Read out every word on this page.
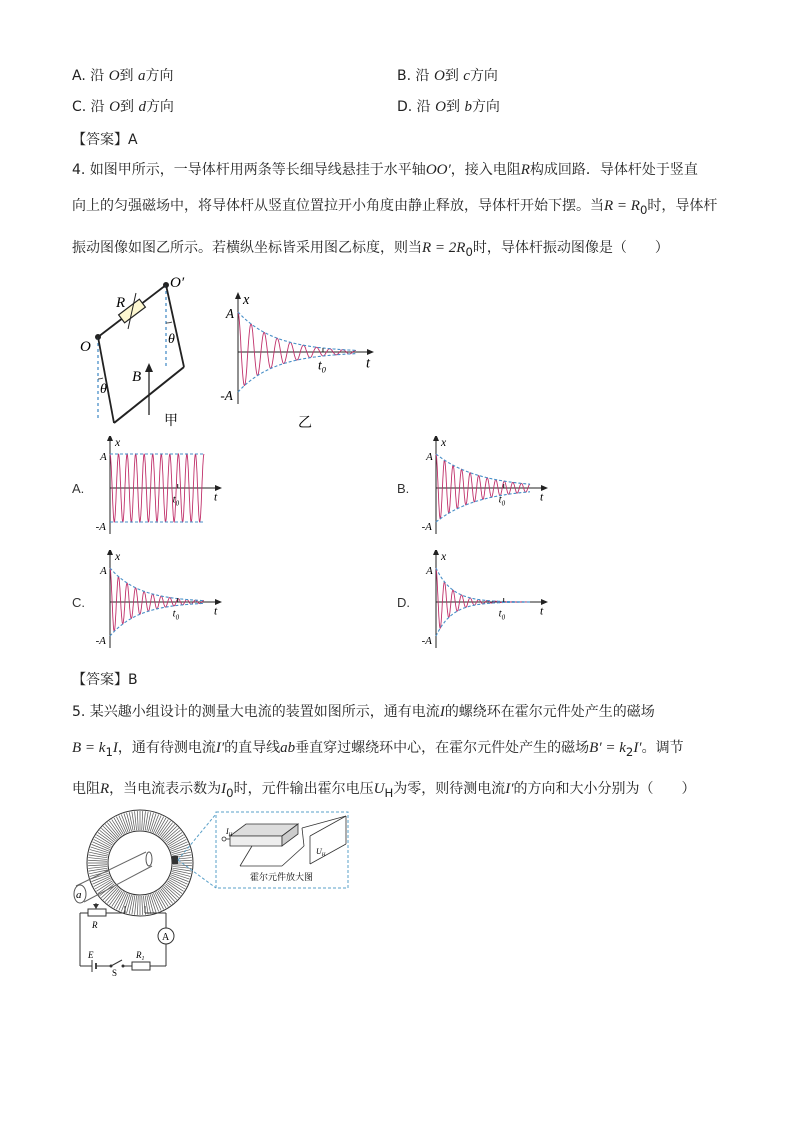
A. 沿 O到 a方向	B. 沿 O到 c方向
C. 沿 O到 d方向	D. 沿 O到 b方向
【答案】A
4. 如图甲所示，一导体杆用两条等长细导线悬挂于水平轴OO′，接入电阻R构成回路．导体杆处于竖直
向上的匀强磁场中，将导体杆从竖直位置拉开小角度由静止释放，导体杆开始下摆。当$R = R_0$时，导体杆
振动图像如图乙所示。若横纵坐标皆采用图乙标度，则当$R = 2R_0$时，导体杆振动图像是（　　）
O
O′
R
θ
θ
B
甲
x
A
-A
$t_0$	t
乙
A.
x
A
-A
$t_0$	t
B.
x
A
-A
$t_0$	t
C.
x
A
-A
$t_0$	t
D.
x
A
-A
$t_0$	t
【答案】B
5. 某兴趣小组设计的测量大电流的装置如图所示，通有电流I的螺绕环在霍尔元件处产生的磁场
$B = k_1I$，通有待测电流I′的直导线ab垂直穿过螺绕环中心，在霍尔元件处产生的磁场$B' = k_2I'$。调节
电阻R，当电流表示数为$I_0$时，元件输出霍尔电压$U_H$为零，则待测电流I′的方向和大小分别为（　　）
a
R
A
E
S
$R_1$
$I_H$
$U_H$
霍尔元件放大图
